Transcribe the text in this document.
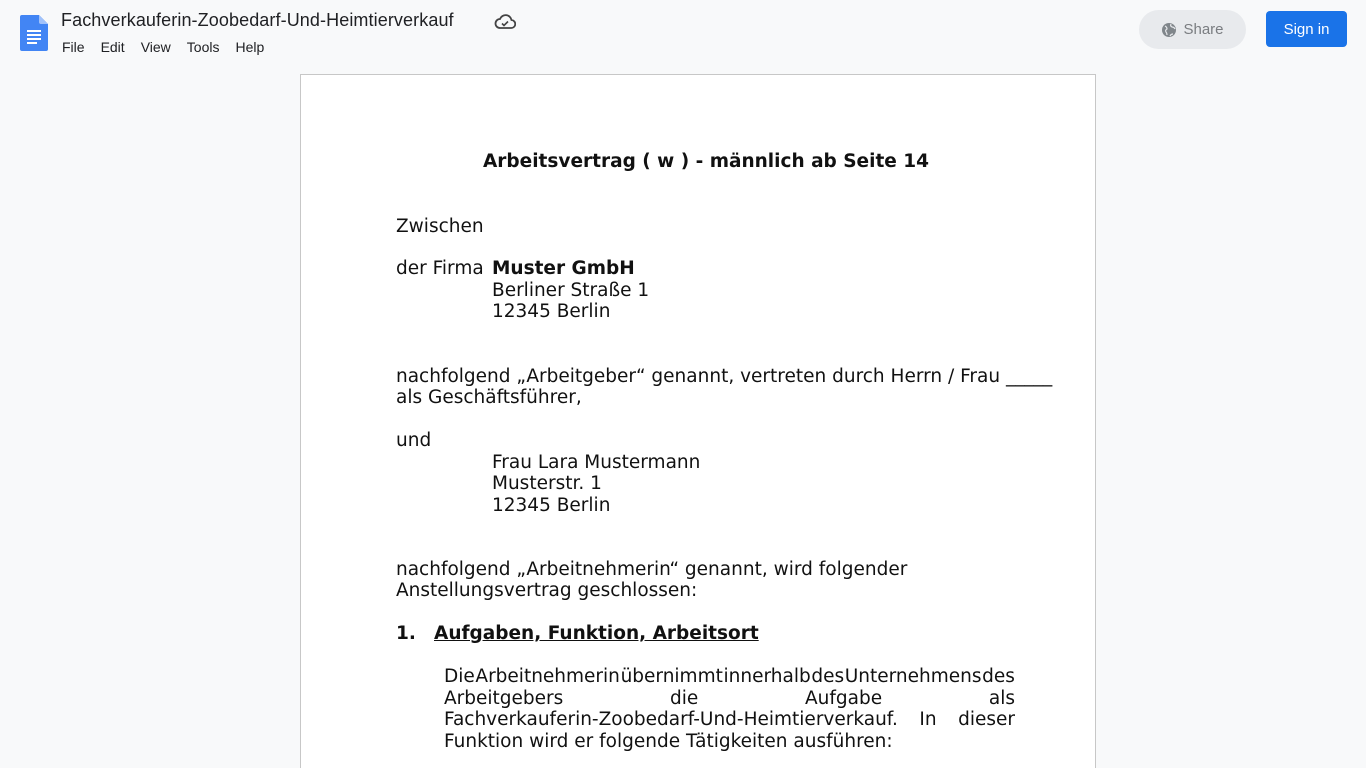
Fachverkauferin-Zoobedarf-Und-Heimtierverkauf
File	Edit	View	Tools	Help
Share	Sign in
Arbeitsvertrag ( w ) - männlich ab Seite 14
Zwischen
der Firma Muster GmbH
Berliner Straße 1
12345 Berlin
nachfolgend „Arbeitgeber“ genannt, vertreten durch Herrn / Frau _____
als Geschäftsführer,
und
Frau Lara Mustermann
Musterstr. 1
12345 Berlin
nachfolgend „Arbeitnehmerin“ genannt, wird folgender
Anstellungsvertrag geschlossen:
1. Aufgaben, Funktion, Arbeitsort
Die Arbeitnehmerin übernimmt innerhalb des Unternehmens des
Arbeitgebers	die	Aufgabe	als
Fachverkauferin-Zoobedarf-Und-Heimtierverkauf. In dieser
Funktion wird er folgende Tätigkeiten ausführen:
